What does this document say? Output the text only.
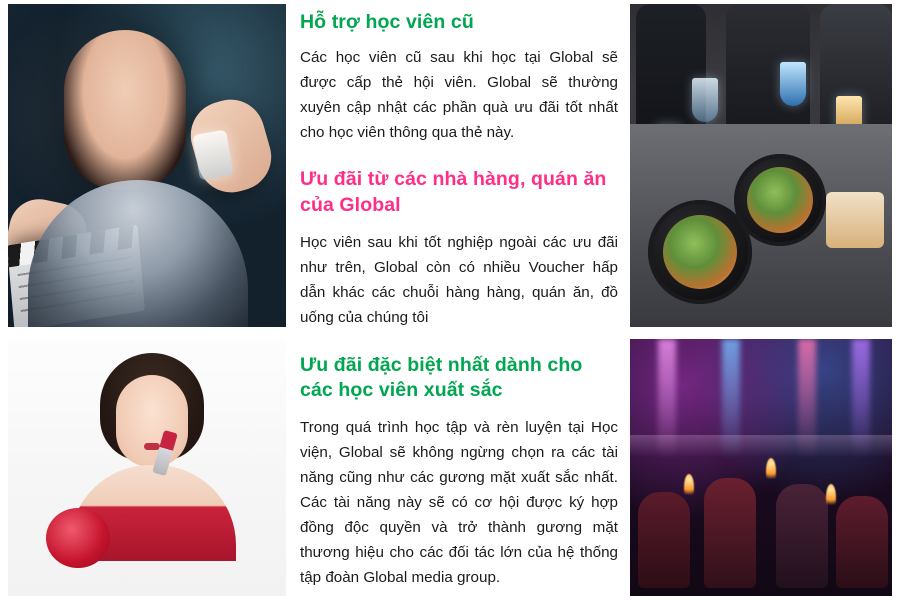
Hỗ trợ học viên cũ

Các học viên cũ sau khi học tại Global sẽ được cấp thẻ hội viên. Global sẽ thường xuyên cập nhật các phần quà ưu đãi tốt nhất cho học viên thông qua thẻ này.

Ưu đãi từ các nhà hàng, quán ăn của Global

Học viên sau khi tốt nghiệp ngoài các ưu đãi như trên, Global còn có nhiều Voucher hấp dẫn khác các chuỗi hàng hàng, quán ăn, đồ uống của chúng tôi

Ưu đãi đặc biệt nhất dành cho các học viên xuất sắc

Trong quá trình học tập và rèn luyện tại Học viện, Global sẽ không ngừng chọn ra các tài năng cũng như các gương mặt xuất sắc nhất. Các tài năng này sẽ có cơ hội được ký hợp đồng độc quyền và trở thành gương mặt thương hiệu cho các đối tác lớn của hệ thống tập đoàn Global media group.
